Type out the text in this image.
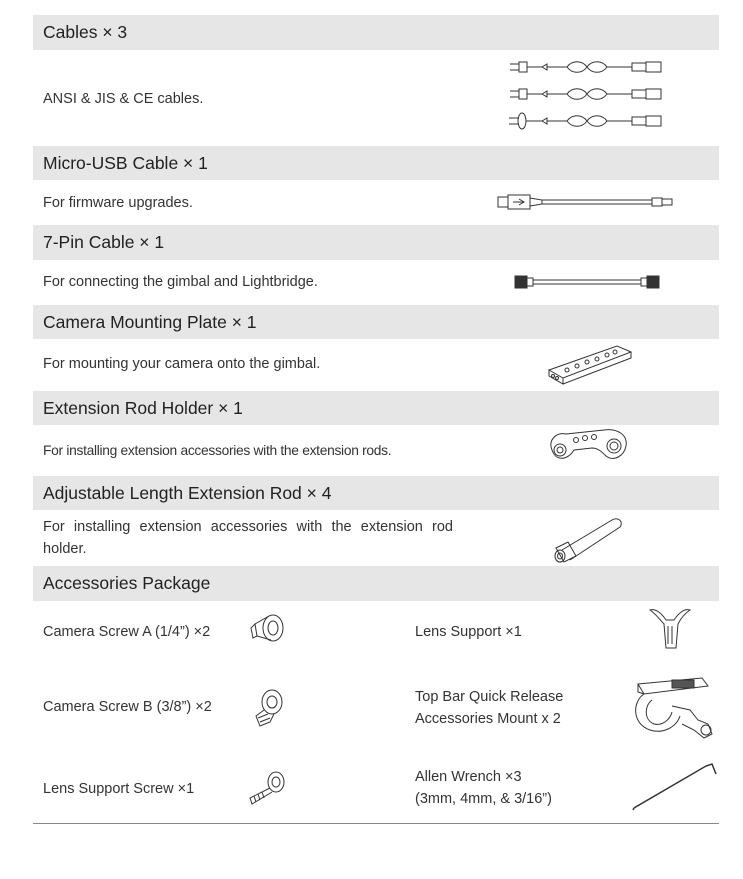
Cables × 3
ANSI & JIS & CE cables.
Micro-USB Cable × 1
For firmware upgrades.
7-Pin Cable × 1
For connecting the gimbal and Lightbridge.
Camera Mounting Plate × 1
For mounting your camera onto the gimbal.
Extension Rod Holder × 1
For installing extension accessories with the extension rods.
Adjustable Length Extension Rod × 4
For installing extension accessories with the extension rod holder.
Accessories Package
Camera Screw A (1/4”) ×2	Lens Support ×1
Camera Screw B (3/8”) ×2
Top Bar Quick Release
Accessories Mount x 2
Lens Support Screw ×1
Allen Wrench ×3
(3mm, 4mm, & 3/16”)
